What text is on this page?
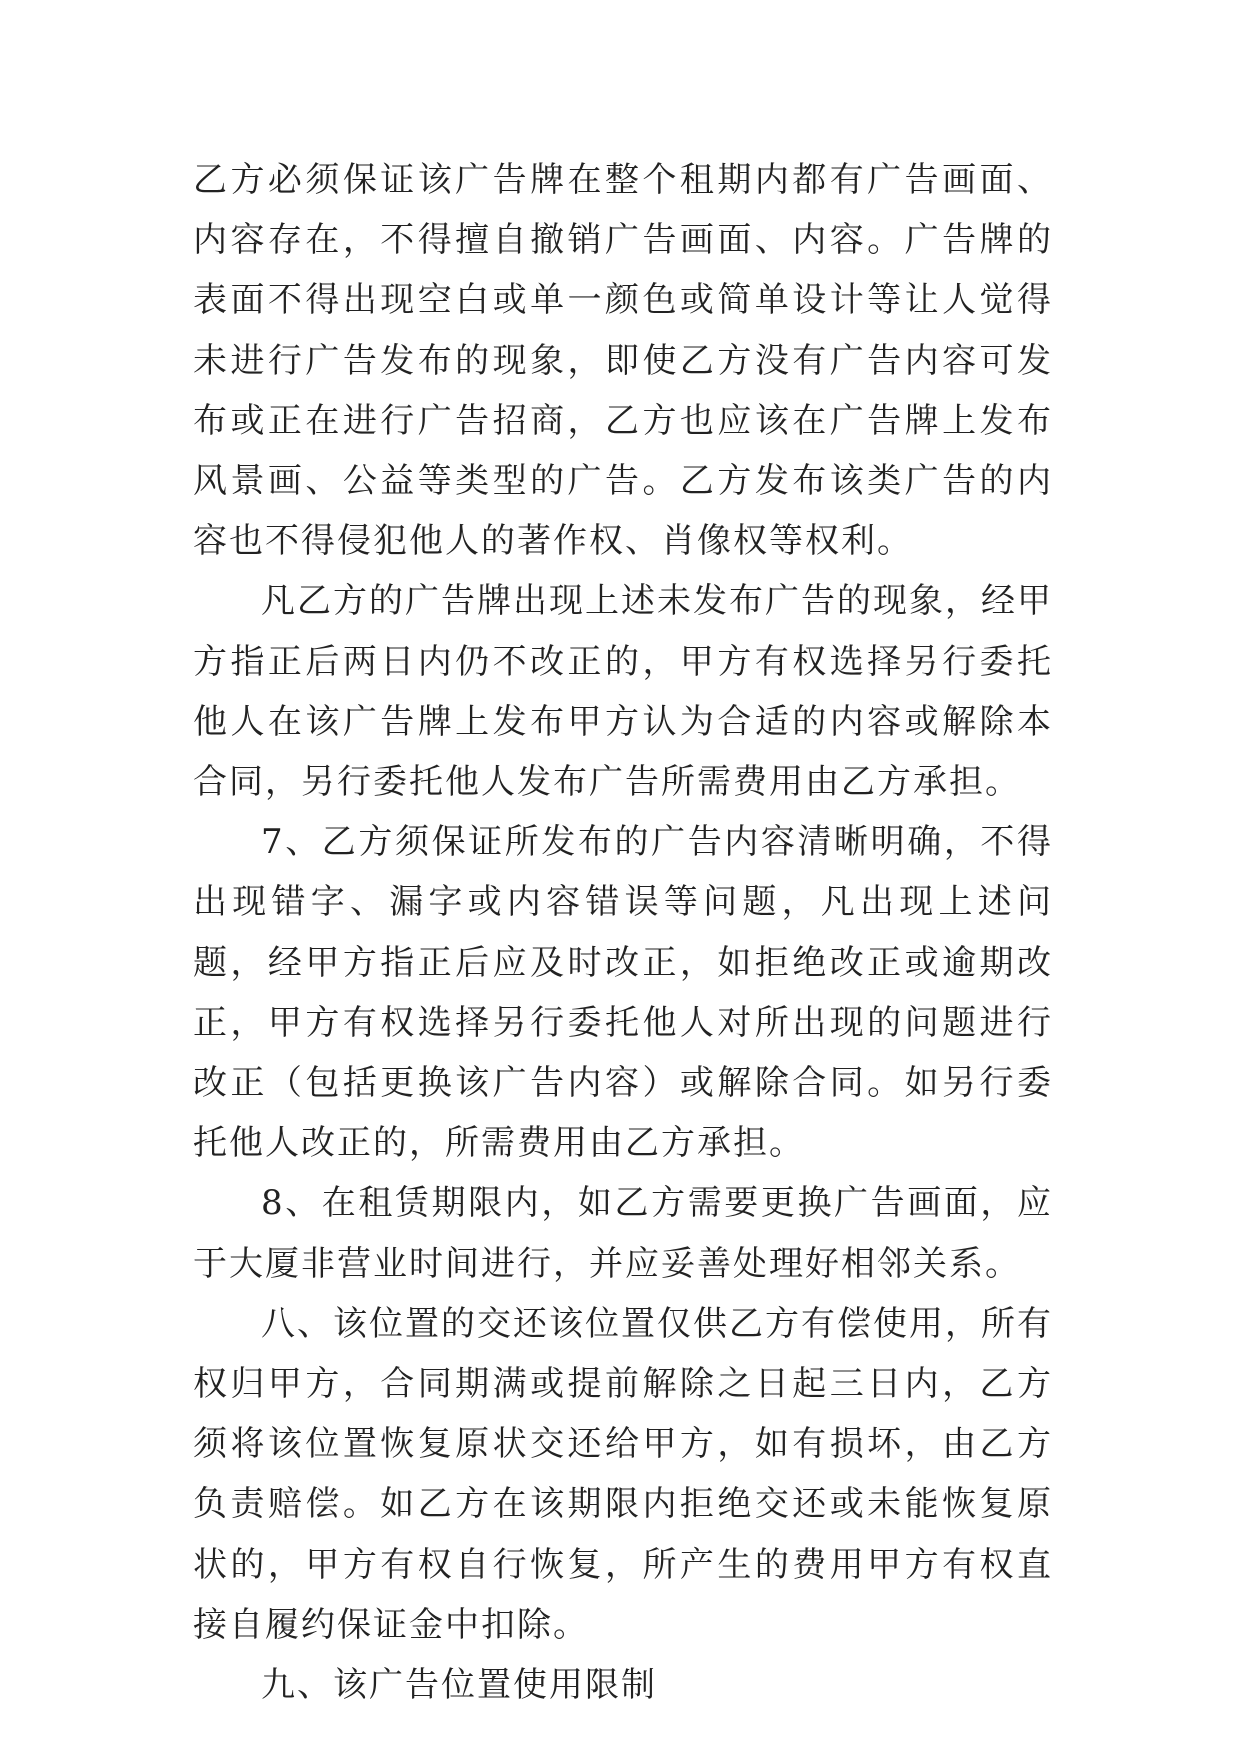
乙方必须保证该广告牌在整个租期内都有广告画面、内容存在，不得擅自撤销广告画面、内容。广告牌的表面不得出现空白或单一颜色或简单设计等让人觉得未进行广告发布的现象，即使乙方没有广告内容可发布或正在进行广告招商，乙方也应该在广告牌上发布风景画、公益等类型的广告。乙方发布该类广告的内容也不得侵犯他人的著作权、肖像权等权利。

凡乙方的广告牌出现上述未发布广告的现象，经甲方指正后两日内仍不改正的，甲方有权选择另行委托他人在该广告牌上发布甲方认为合适的内容或解除本合同，另行委托他人发布广告所需费用由乙方承担。

7、乙方须保证所发布的广告内容清晰明确，不得出现错字、漏字或内容错误等问题，凡出现上述问题，经甲方指正后应及时改正，如拒绝改正或逾期改正，甲方有权选择另行委托他人对所出现的问题进行改正（包括更换该广告内容）或解除合同。如另行委托他人改正的，所需费用由乙方承担。

8、在租赁期限内，如乙方需要更换广告画面，应于大厦非营业时间进行，并应妥善处理好相邻关系。

八、该位置的交还该位置仅供乙方有偿使用，所有权归甲方，合同期满或提前解除之日起三日内，乙方须将该位置恢复原状交还给甲方，如有损坏，由乙方负责赔偿。如乙方在该期限内拒绝交还或未能恢复原状的，甲方有权自行恢复，所产生的费用甲方有权直接自履约保证金中扣除。

九、该广告位置使用限制
